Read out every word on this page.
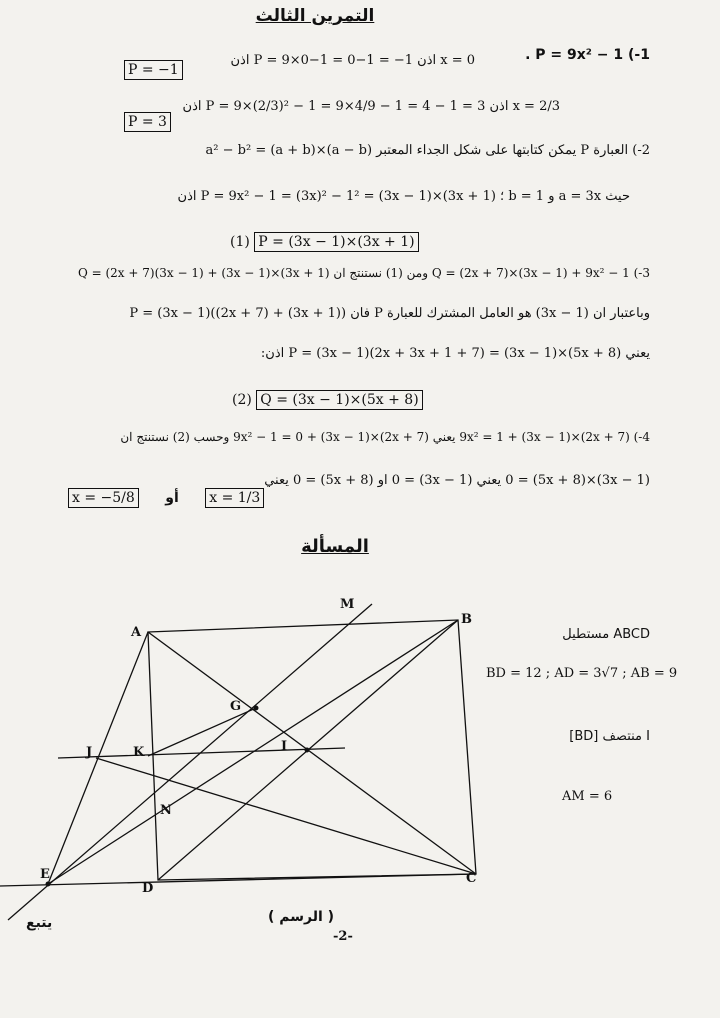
التمرين الثالث
1-) P = 9x² − 1 .
x = 0 اذن P = 9×0−1 = 0−1 = −1 اذن
P = −1
x = 2/3 اذن P = 9×(2/3)² − 1 = 9×4/9 − 1 = 4 − 1 = 3 اذن
P = 3
2-) العبارة P يمكن كتابتها على شكل الجداء المعتبر (a − b)×(a + b) = a² − b²
حيث a = 3x و b = 1 ؛ P = 9x² − 1 = (3x)² − 1² = (3x − 1)×(3x + 1) اذن
(1) P = (3x − 1)×(3x + 1)
3-) Q = (2x + 7)×(3x − 1) + 9x² − 1 ومن (1) نستنتج ان Q = (2x + 7)(3x − 1) + (3x − 1)×(3x + 1)
وباعتبار ان (3x − 1) هو العامل المشترك للعبارة P فان P = (3x − 1)((2x + 7) + (3x + 1))
يعني P = (3x − 1)(2x + 3x + 1 + 7) = (3x − 1)×(5x + 8) اذن:
(2) Q = (3x − 1)×(5x + 8)
4-) (2x + 7)×(3x − 1) + 9x² = 1 يعني (2x + 7)×(3x − 1) + 9x² − 1 = 0 وحسب (2) نستنتج ان
(3x − 1)×(5x + 8) = 0 يعني (3x − 1) = 0 او (5x + 8) = 0 يعني
x = −5/8 أو x = 1/3
المسألة
ABCD مستطيل
BD = 12 ; AD = 3√7 ; AB = 9
I منتصف [BD]
AM = 6
A
B
C
D
M
G
I
J	K
N
E
( الرسم )
-2-
يتبع
